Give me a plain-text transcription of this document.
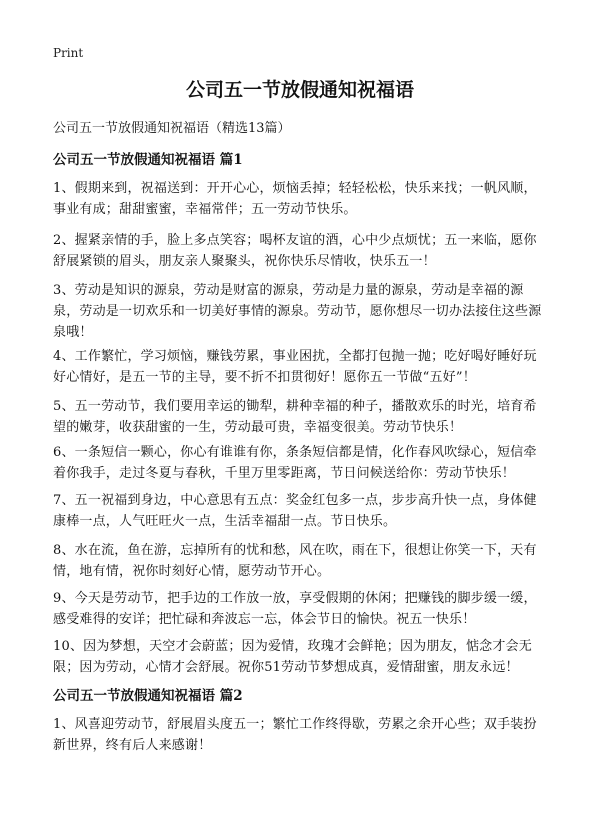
Print
公司五一节放假通知祝福语
公司五一节放假通知祝福语（精选13篇）
公司五一节放假通知祝福语 篇1

1、假期来到，祝福送到：开开心心，烦恼丢掉；轻轻松松，快乐来找；一帆风顺，事业有成；甜甜蜜蜜，幸福常伴；五一劳动节快乐。

2、握紧亲情的手，脸上多点笑容；喝杯友谊的酒，心中少点烦忧；五一来临，愿你舒展紧锁的眉头，朋友亲人聚聚头，祝你快乐尽情收，快乐五一！

3、劳动是知识的源泉，劳动是财富的源泉，劳动是力量的源泉，劳动是幸福的源泉，劳动是一切欢乐和一切美好事情的源泉。劳动节，愿你想尽一切办法接住这些源泉哦！

4、工作繁忙，学习烦恼，赚钱劳累，事业困扰，全都打包抛一抛；吃好喝好睡好玩好心情好，是五一节的主导，要不折不扣贯彻好！愿你五一节做“五好”！

5、五一劳动节，我们要用幸运的锄犁，耕种幸福的种子，播散欢乐的时光，培育希望的嫩芽，收获甜蜜的一生，劳动最可贵，幸福变很美。劳动节快乐！

6、一条短信一颗心，你心有谁谁有你，条条短信都是情，化作春风吹绿心，短信牵着你我手，走过冬夏与春秋，千里万里零距离，节日问候送给你：劳动节快乐！

7、五一祝福到身边，中心意思有五点：奖金红包多一点，步步高升快一点，身体健康棒一点，人气旺旺火一点，生活幸福甜一点。节日快乐。

8、水在流，鱼在游，忘掉所有的忧和愁，风在吹，雨在下，很想让你笑一下，天有情，地有情，祝你时刻好心情，愿劳动节开心。

9、今天是劳动节，把手边的工作放一放，享受假期的休闲；把赚钱的脚步缓一缓，感受难得的安详；把忙碌和奔波忘一忘，体会节日的愉快。祝五一快乐！

10、因为梦想，天空才会蔚蓝；因为爱情，玫瑰才会鲜艳；因为朋友，惦念才会无限；因为劳动，心情才会舒展。祝你51劳动节梦想成真，爱情甜蜜，朋友永远！

公司五一节放假通知祝福语 篇2

1、风喜迎劳动节，舒展眉头度五一；繁忙工作终得歇，劳累之余开心些；双手装扮新世界，终有后人来感谢！
